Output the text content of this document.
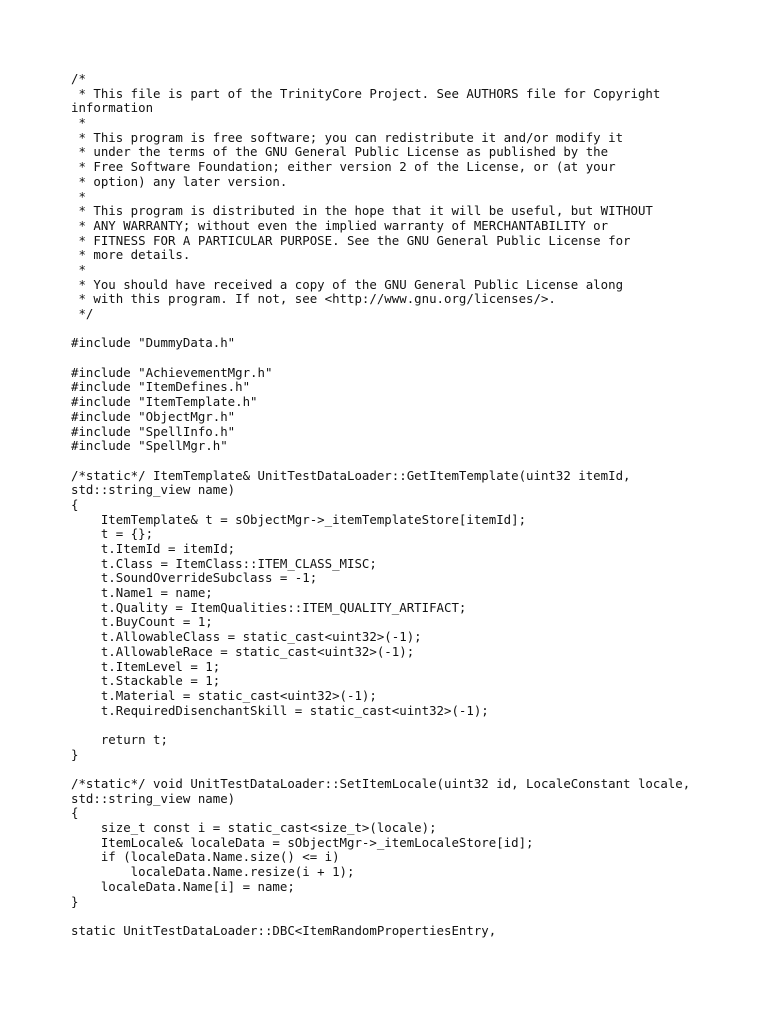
/*
* This file is part of the TrinityCore Project. See AUTHORS file for Copyright
information
*
* This program is free software; you can redistribute it and/or modify it
* under the terms of the GNU General Public License as published by the
* Free Software Foundation; either version 2 of the License, or (at your
* option) any later version.
*
* This program is distributed in the hope that it will be useful, but WITHOUT
* ANY WARRANTY; without even the implied warranty of MERCHANTABILITY or
* FITNESS FOR A PARTICULAR PURPOSE. See the GNU General Public License for
* more details.
*
* You should have received a copy of the GNU General Public License along
* with this program. If not, see <http://www.gnu.org/licenses/>.
*/
#include "DummyData.h"
#include "AchievementMgr.h"
#include "ItemDefines.h"
#include "ItemTemplate.h"
#include "ObjectMgr.h"
#include "SpellInfo.h"
#include "SpellMgr.h"
/*static*/ ItemTemplate& UnitTestDataLoader::GetItemTemplate(uint32 itemId,
std::string_view name)
{
ItemTemplate& t = sObjectMgr->_itemTemplateStore[itemId];
t = {};
t.ItemId = itemId;
t.Class = ItemClass::ITEM_CLASS_MISC;
t.SoundOverrideSubclass = -1;
t.Name1 = name;
t.Quality = ItemQualities::ITEM_QUALITY_ARTIFACT;
t.BuyCount = 1;
t.AllowableClass = static_cast<uint32>(-1);
t.AllowableRace = static_cast<uint32>(-1);
t.ItemLevel = 1;
t.Stackable = 1;
t.Material = static_cast<uint32>(-1);
t.RequiredDisenchantSkill = static_cast<uint32>(-1);
return t;
}
/*static*/ void UnitTestDataLoader::SetItemLocale(uint32 id, LocaleConstant locale,
std::string_view name)
{
size_t const i = static_cast<size_t>(locale);
ItemLocale& localeData = sObjectMgr->_itemLocaleStore[id];
if (localeData.Name.size() <= i)
localeData.Name.resize(i + 1);
localeData.Name[i] = name;
}
static UnitTestDataLoader::DBC<ItemRandomPropertiesEntry,
